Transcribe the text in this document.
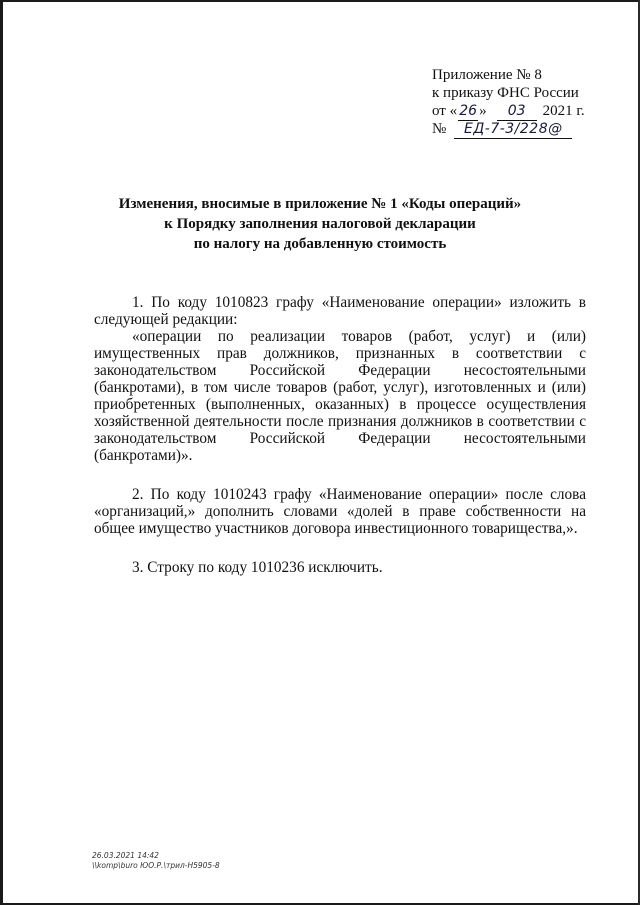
Приложение № 8
к приказу ФНС России
от « 26 » 03 2021 г.
№ ЕД-7-3/228@
Изменения, вносимые в приложение № 1 «Коды операций»
к Порядку заполнения налоговой декларации
по налогу на добавленную стоимость
1. По коду 1010823 графу «Наименование операции» изложить в следующей редакции:
«операции по реализации товаров (работ, услуг) и (или) имущественных прав должников, признанных в соответствии с законодательством Российской Федерации несостоятельными (банкротами), в том числе товаров (работ, услуг), изготовленных и (или) приобретенных (выполненных, оказанных) в процессе осуществления хозяйственной деятельности после признания должников в соответствии с законодательством Российской Федерации несостоятельными (банкротами)».
2. По коду 1010243 графу «Наименование операции» после слова «организаций,» дополнить словами «долей в праве собственности на общее имущество участников договора инвестиционного товарищества,».
3. Строку по коду 1010236 исключить.
26.03.2021 14:42
\\komp\buro ЮО.Р.\трил-Н5905-8
